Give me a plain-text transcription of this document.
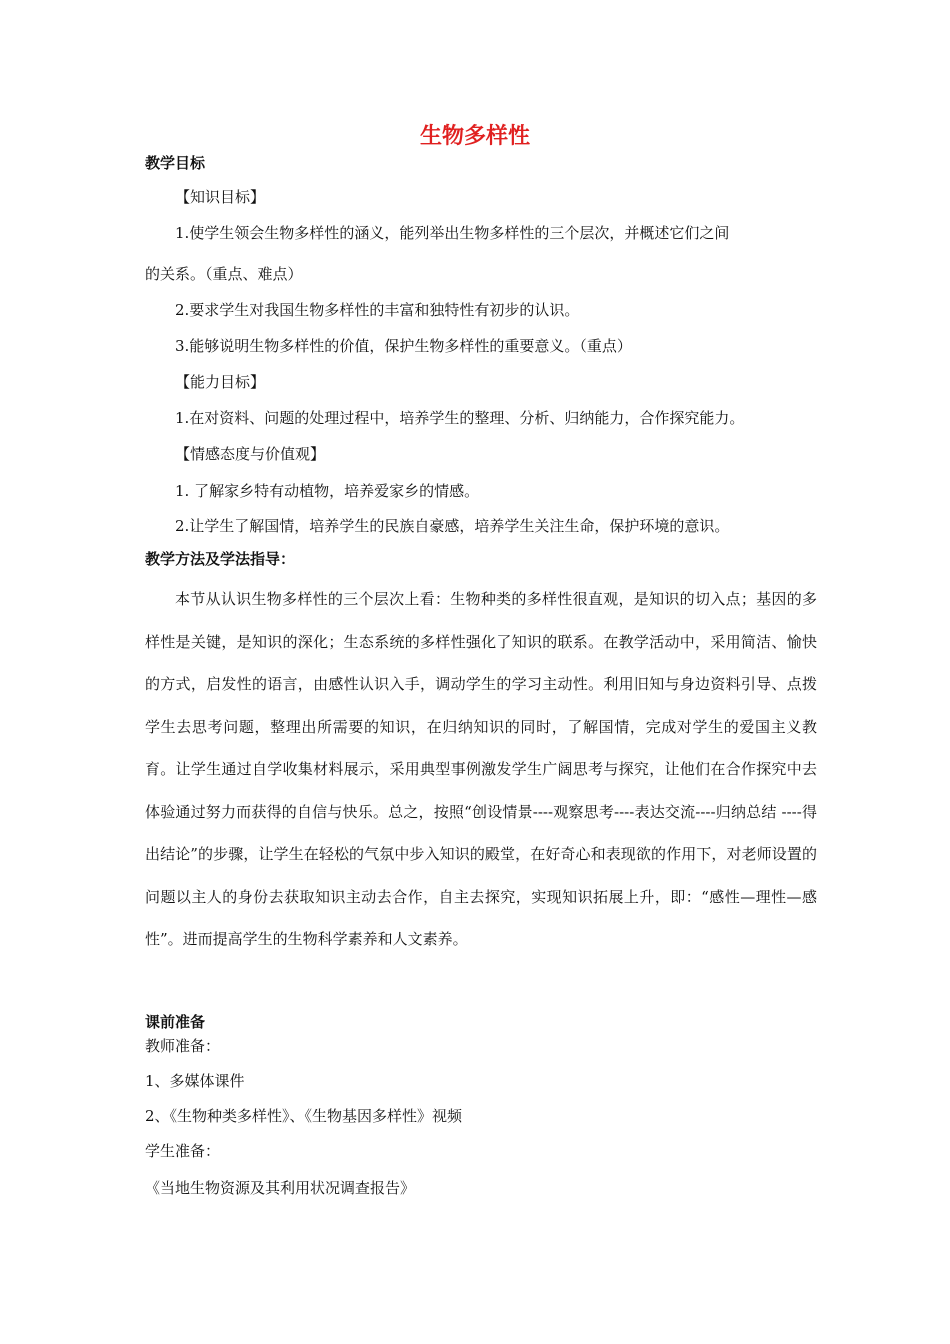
生物多样性
教学目标
【知识目标】
1.使学生领会生物多样性的涵义，能列举出生物多样性的三个层次，并概述它们之间
的关系。（重点、难点）
2.要求学生对我国生物多样性的丰富和独特性有初步的认识。
3.能够说明生物多样性的价值，保护生物多样性的重要意义。（重点）
【能力目标】
1.在对资料、问题的处理过程中，培养学生的整理、分析、归纳能力，合作探究能力。
【情感态度与价值观】
1. 了解家乡特有动植物，培养爱家乡的情感。
2.让学生了解国情，培养学生的民族自豪感，培养学生关注生命，保护环境的意识。
教学方法及学法指导：
本节从认识生物多样性的三个层次上看：生物种类的多样性很直观，是知识的切入点；基因的多样性是关键，是知识的深化；生态系统的多样性强化了知识的联系。在教学活动中，采用简洁、愉快的方式，启发性的语言，由感性认识入手，调动学生的学习主动性。利用旧知与身边资料引导、点拨学生去思考问题，整理出所需要的知识，在归纳知识的同时，了解国情，完成对学生的爱国主义教育。让学生通过自学收集材料展示，采用典型事例激发学生广阔思考与探究，让他们在合作探究中去体验通过努力而获得的自信与快乐。总之，按照“创设情景----观察思考----表达交流----归纳总结 ----得出结论”的步骤，让学生在轻松的气氛中步入知识的殿堂，在好奇心和表现欲的作用下，对老师设置的问题以主人的身份去获取知识主动去合作，自主去探究，实现知识拓展上升，即：“感性—理性—感性”。进而提高学生的生物科学素养和人文素养。
课前准备
教师准备：
1、多媒体课件
2、《生物种类多样性》、《生物基因多样性》视频
学生准备：
《当地生物资源及其利用状况调查报告》
